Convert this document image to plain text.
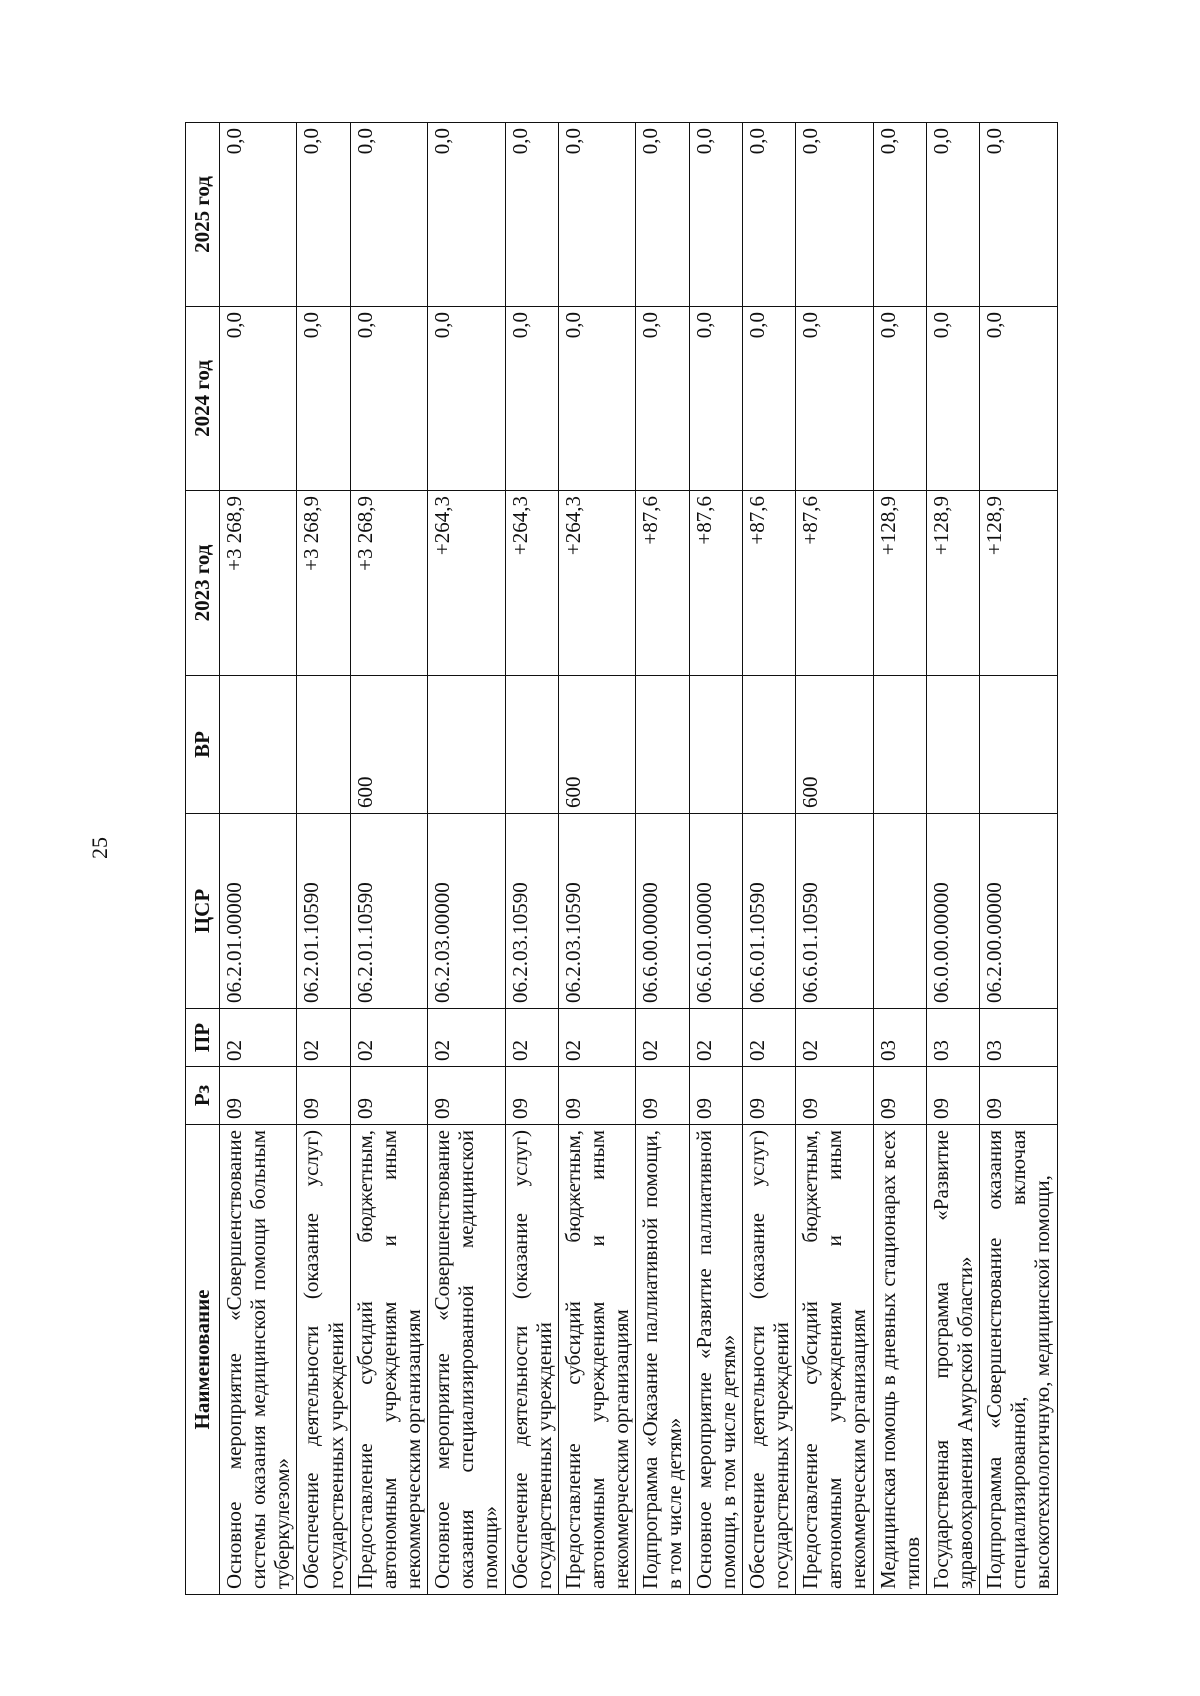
25
Наименование	Рз	ПР	ЦСР	ВР	2023 год	2024 год	2025 год
Основное мероприятие «Совершенствование системы оказания медицинской помощи больным туберкулезом»	09	02	06.2.01.00000		+3 268,9	0,0	0,0
Обеспечение деятельности (оказание услуг) государственных учреждений	09	02	06.2.01.10590		+3 268,9	0,0	0,0
Предоставление субсидий бюджетным, автономным учреждениям и иным некоммерческим организациям	09	02	06.2.01.10590	600	+3 268,9	0,0	0,0
Основное мероприятие «Совершенствование оказания специализированной медицинской помощи»	09	02	06.2.03.00000		+264,3	0,0	0,0
Обеспечение деятельности (оказание услуг) государственных учреждений	09	02	06.2.03.10590		+264,3	0,0	0,0
Предоставление субсидий бюджетным, автономным учреждениям и иным некоммерческим организациям	09	02	06.2.03.10590	600	+264,3	0,0	0,0
Подпрограмма «Оказание паллиативной помощи, в том числе детям»	09	02	06.6.00.00000		+87,6	0,0	0,0
Основное мероприятие «Развитие паллиативной помощи, в том числе детям»	09	02	06.6.01.00000		+87,6	0,0	0,0
Обеспечение деятельности (оказание услуг) государственных учреждений	09	02	06.6.01.10590		+87,6	0,0	0,0
Предоставление субсидий бюджетным, автономным учреждениям и иным некоммерческим организациям	09	02	06.6.01.10590	600	+87,6	0,0	0,0
Медицинская помощь в дневных стационарах всех типов	09	03			+128,9	0,0	0,0
Государственная программа «Развитие здравоохранения Амурской области»	09	03	06.0.00.00000		+128,9	0,0	0,0
Подпрограмма «Совершенствование оказания специализированной, включая высокотехнологичную, медицинской помощи,	09	03	06.2.00.00000		+128,9	0,0	0,0
